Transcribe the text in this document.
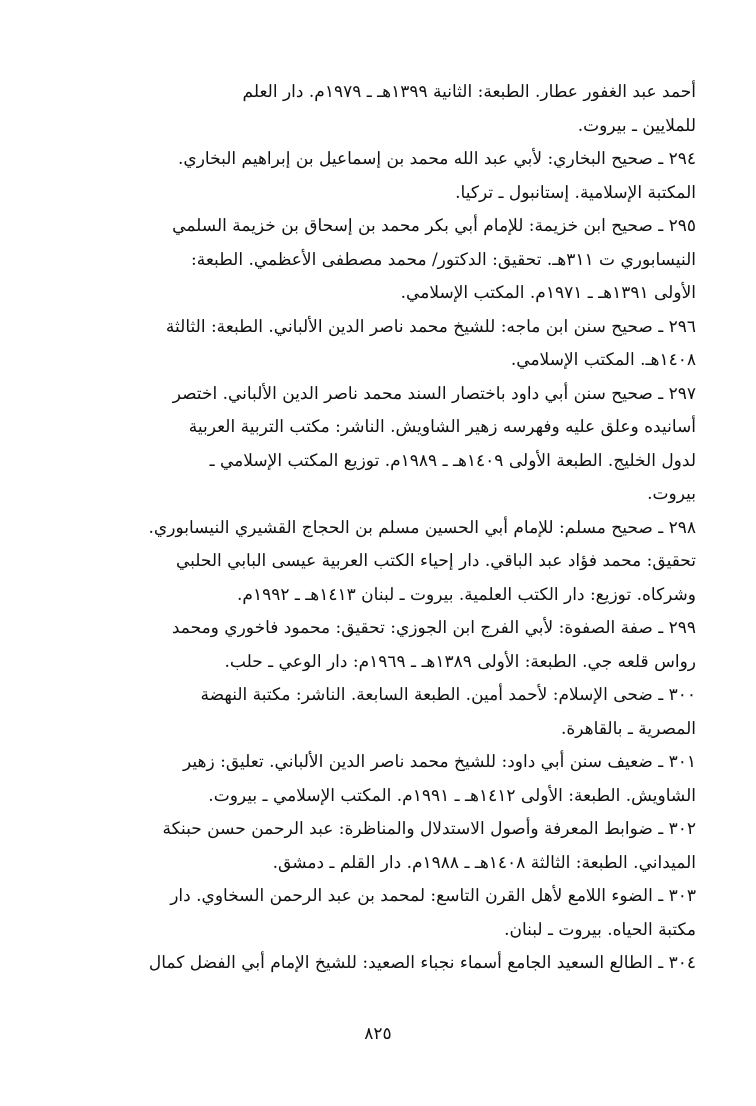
أحمد عبد الغفور عطار. الطبعة: الثانية ١٣٩٩هـ ـ ١٩٧٩م. دار العلم
للملايين ـ بيروت.
٢٩٤ ـ صحيح البخاري: لأبي عبد الله محمد بن إسماعيل بن إبراهيم البخاري.
المكتبة الإسلامية. إستانبول ـ تركيا.
٢٩٥ ـ صحيح ابن خزيمة: للإمام أبي بكر محمد بن إسحاق بن خزيمة السلمي
النيسابوري ت ٣١١هـ. تحقيق: الدكتور/ محمد مصطفى الأعظمي. الطبعة:
الأولى ١٣٩١هـ ـ ١٩٧١م. المكتب الإسلامي.
٢٩٦ ـ صحيح سنن ابن ماجه: للشيخ محمد ناصر الدين الألباني. الطبعة: الثالثة
١٤٠٨هـ. المكتب الإسلامي.
٢٩٧ ـ صحيح سنن أبي داود باختصار السند محمد ناصر الدين الألباني. اختصر
أسانيده وعلق عليه وفهرسه زهير الشاويش. الناشر: مكتب التربية العربية
لدول الخليج. الطبعة الأولى ١٤٠٩هـ ـ ١٩٨٩م. توزيع المكتب الإسلامي ـ
بيروت.
٢٩٨ ـ صحيح مسلم: للإمام أبي الحسين مسلم بن الحجاج القشيري النيسابوري.
تحقيق: محمد فؤاد عبد الباقي. دار إحياء الكتب العربية عيسى البابي الحلبي
وشركاه. توزيع: دار الكتب العلمية. بيروت ـ لبنان ١٤١٣هـ ـ ١٩٩٢م.
٢٩٩ ـ صفة الصفوة: لأبي الفرج ابن الجوزي: تحقيق: محمود فاخوري ومحمد
رواس قلعه جي. الطبعة: الأولى ١٣٨٩هـ ـ ١٩٦٩م: دار الوعي ـ حلب.
٣٠٠ ـ ضحى الإسلام: لأحمد أمين. الطبعة السابعة. الناشر: مكتبة النهضة
المصرية ـ بالقاهرة.
٣٠١ ـ ضعيف سنن أبي داود: للشيخ محمد ناصر الدين الألباني. تعليق: زهير
الشاويش. الطبعة: الأولى ١٤١٢هـ ـ ١٩٩١م. المكتب الإسلامي ـ بيروت.
٣٠٢ ـ ضوابط المعرفة وأصول الاستدلال والمناظرة: عبد الرحمن حسن حبنكة
الميداني. الطبعة: الثالثة ١٤٠٨هـ ـ ١٩٨٨م. دار القلم ـ دمشق.
٣٠٣ ـ الضوء اللامع لأهل القرن التاسع: لمحمد بن عبد الرحمن السخاوي. دار
مكتبة الحياه. بيروت ـ لبنان.
٣٠٤ ـ الطالع السعيد الجامع أسماء نجباء الصعيد: للشيخ الإمام أبي الفضل كمال
٨٢٥
